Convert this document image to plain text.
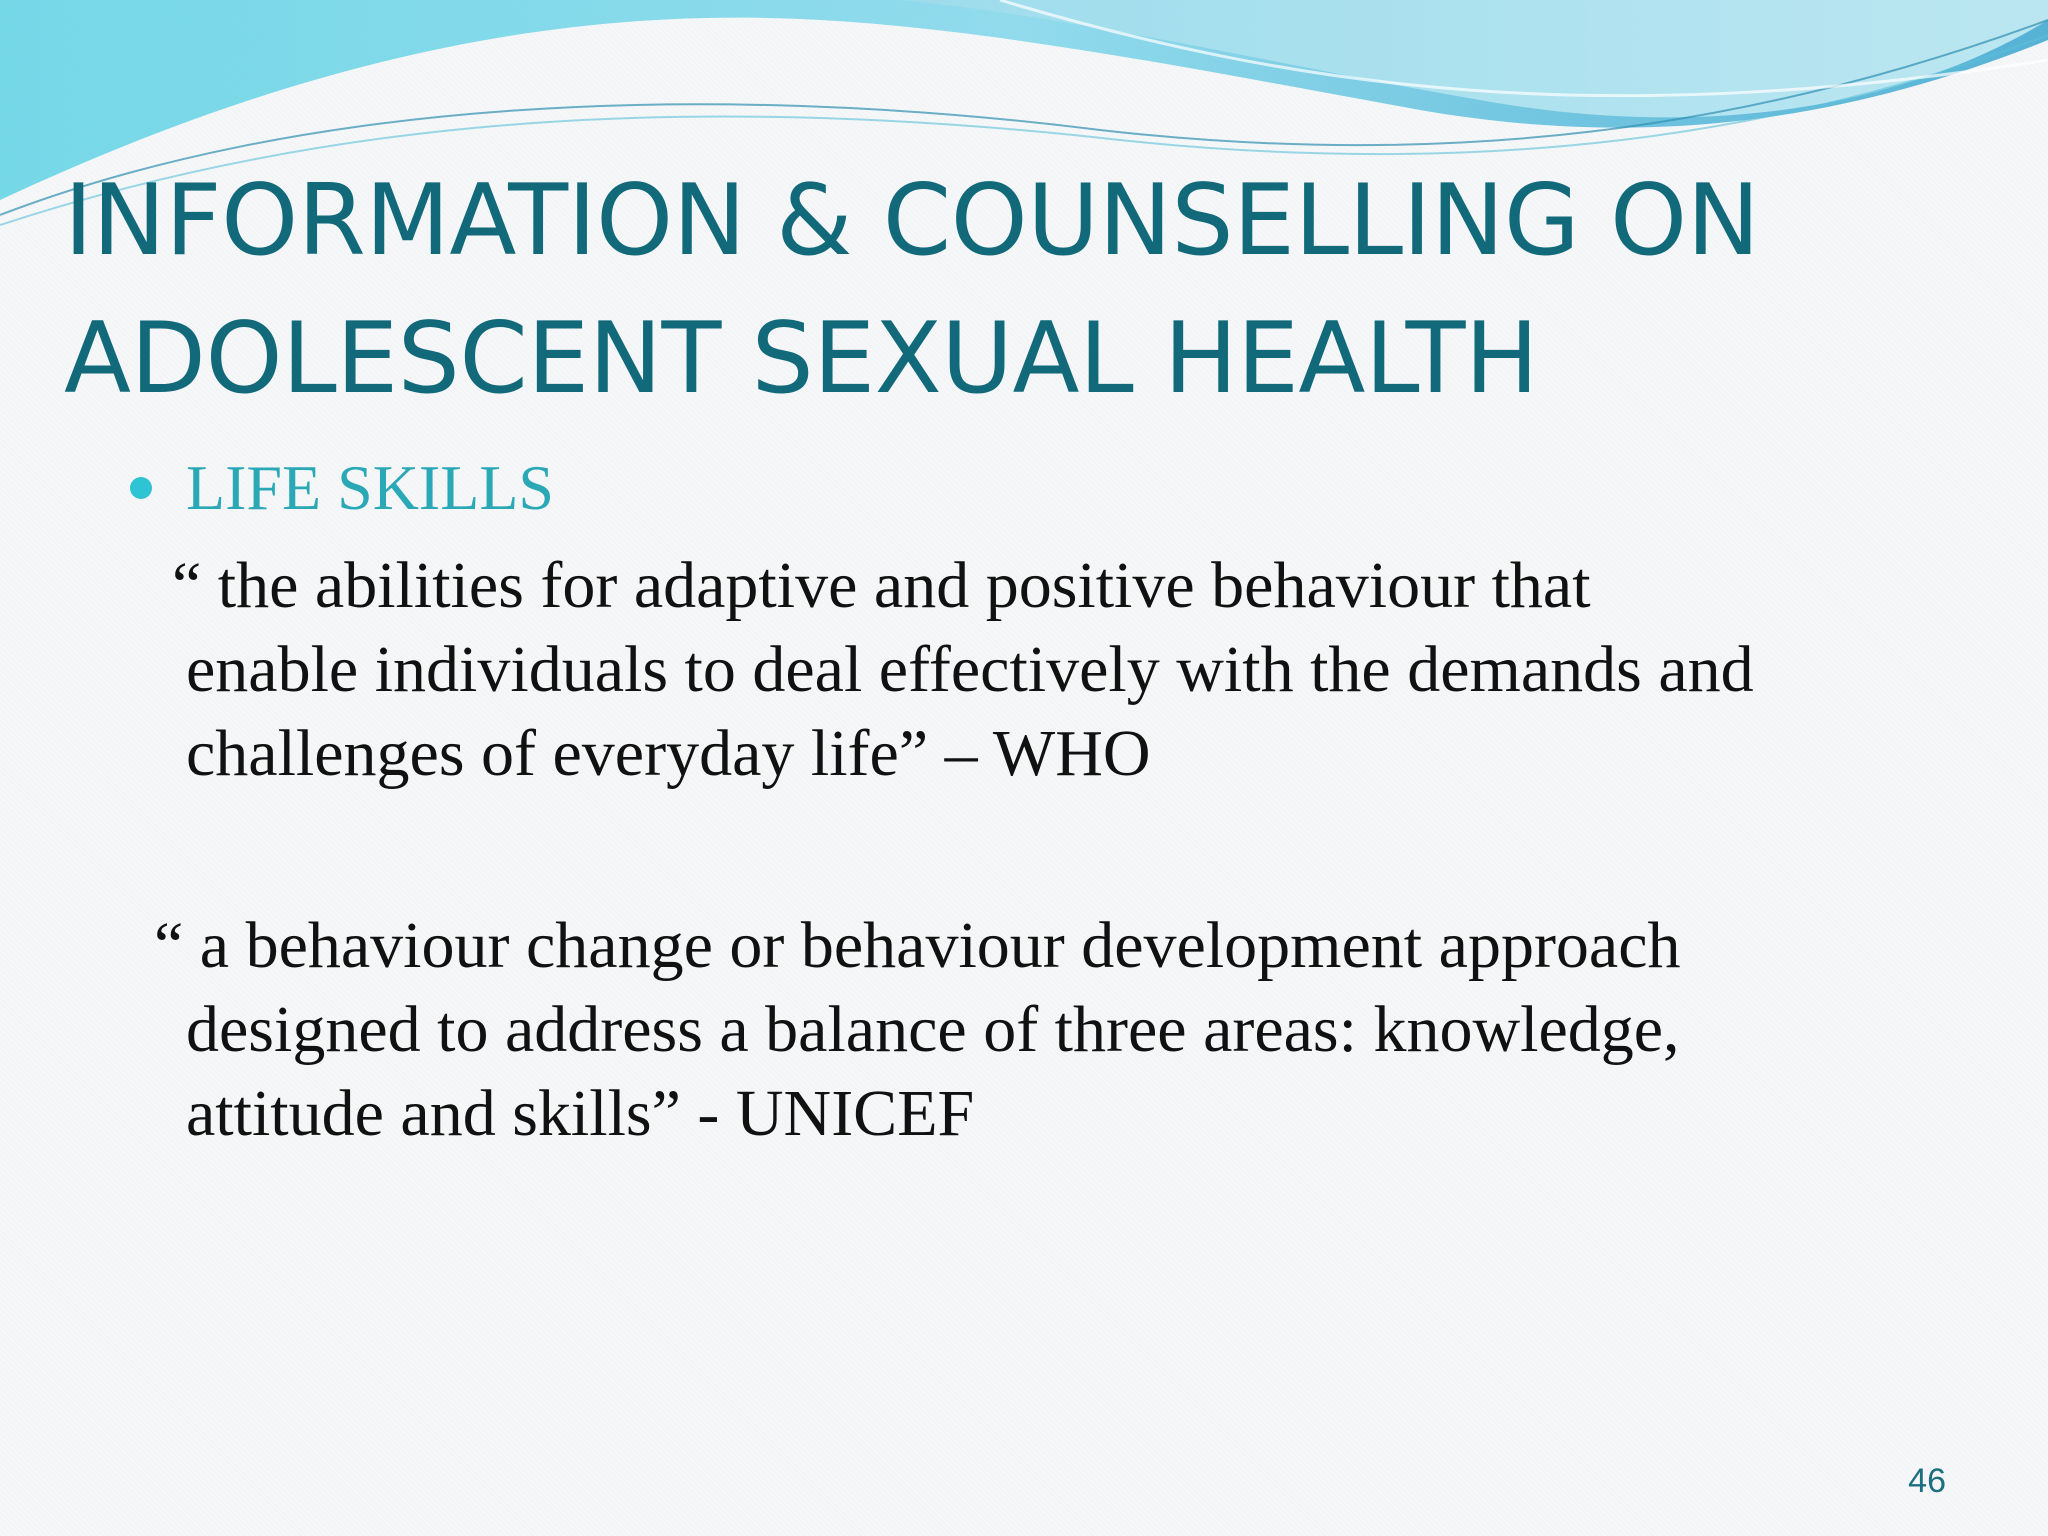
INFORMATION & COUNSELLING ON
ADOLESCENT SEXUAL HEALTH
LIFE SKILLS

“ the abilities for adaptive and positive behaviour that
enable individuals to deal effectively with the demands and
challenges of everyday life” – WHO

“ a behaviour change or behaviour development approach
designed to address a balance of three areas: knowledge,
attitude and skills” - UNICEF

46
